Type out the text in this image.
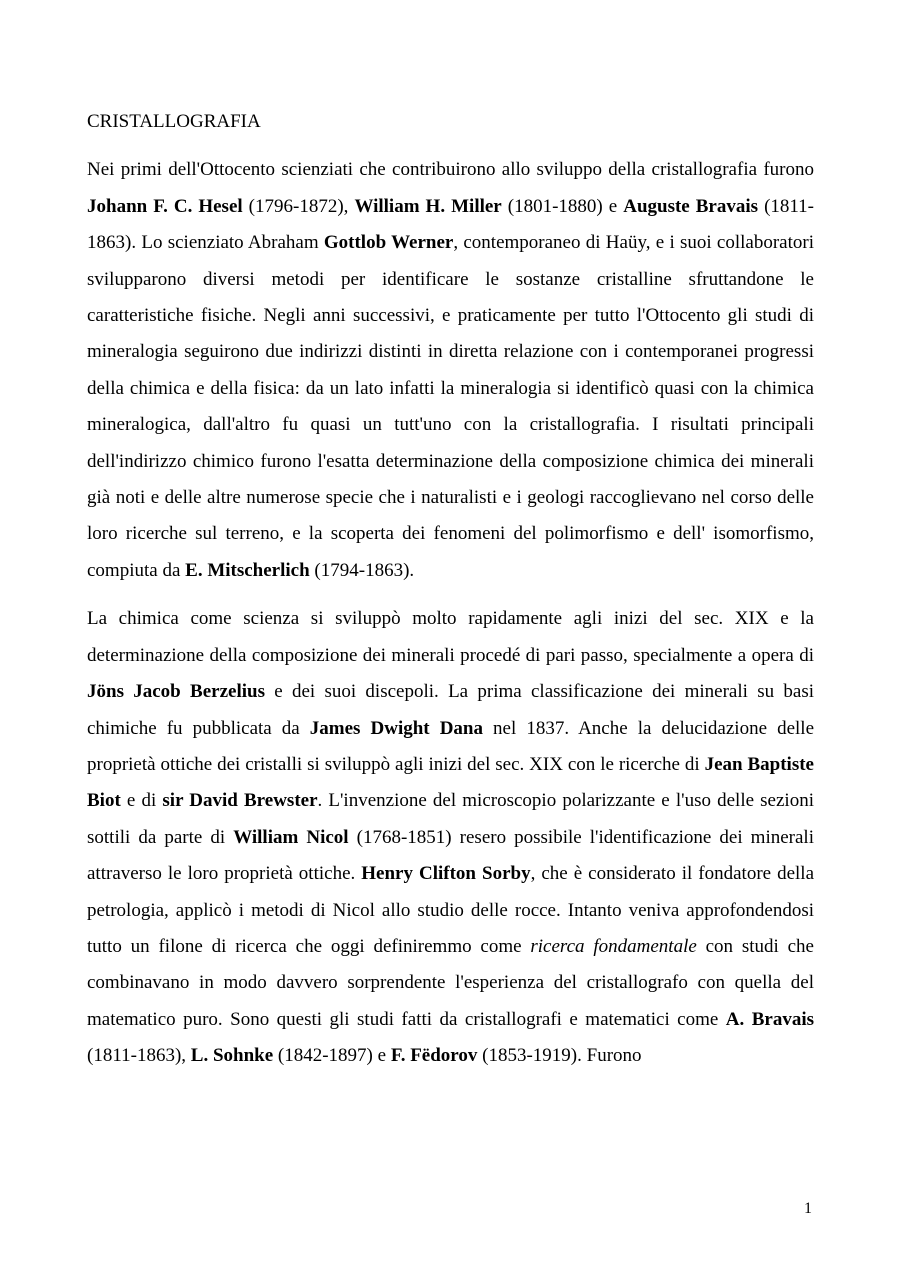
CRISTALLOGRAFIA

Nei primi dell'Ottocento scienziati che contribuirono allo sviluppo della cristallografia furono Johann F. C. Hesel (1796-1872), William H. Miller (1801-1880) e Auguste Bravais (1811-1863). Lo scienziato Abraham Gottlob Werner, contemporaneo di Haüy, e i suoi collaboratori svilupparono diversi metodi per identificare le sostanze cristalline sfruttandone le caratteristiche fisiche. Negli anni successivi, e praticamente per tutto l'Ottocento gli studi di mineralogia seguirono due indirizzi distinti in diretta relazione con i contemporanei progressi della chimica e della fisica: da un lato infatti la mineralogia si identificò quasi con la chimica mineralogica, dall'altro fu quasi un tutt'uno con la cristallografia. I risultati principali dell'indirizzo chimico furono l'esatta determinazione della composizione chimica dei minerali già noti e delle altre numerose specie che i naturalisti e i geologi raccoglievano nel corso delle loro ricerche sul terreno, e la scoperta dei fenomeni del polimorfismo e dell' isomorfismo, compiuta da E. Mitscherlich (1794-1863).

La chimica come scienza si sviluppò molto rapidamente agli inizi del sec. XIX e la determinazione della composizione dei minerali procedé di pari passo, specialmente a opera di Jöns Jacob Berzelius e dei suoi discepoli. La prima classificazione dei minerali su basi chimiche fu pubblicata da James Dwight Dana nel 1837. Anche la delucidazione delle proprietà ottiche dei cristalli si sviluppò agli inizi del sec. XIX con le ricerche di Jean Baptiste Biot e di sir David Brewster. L'invenzione del microscopio polarizzante e l'uso delle sezioni sottili da parte di William Nicol (1768-1851) resero possibile l'identificazione dei minerali attraverso le loro proprietà ottiche. Henry Clifton Sorby, che è considerato il fondatore della petrologia, applicò i metodi di Nicol allo studio delle rocce. Intanto veniva approfondendosi tutto un filone di ricerca che oggi definiremmo come ricerca fondamentale con studi che combinavano in modo davvero sorprendente l'esperienza del cristallografo con quella del matematico puro. Sono questi gli studi fatti da cristallografi e matematici come A. Bravais (1811-1863), L. Sohnke (1842-1897) e F. Fëdorov (1853-1919). Furono

1
